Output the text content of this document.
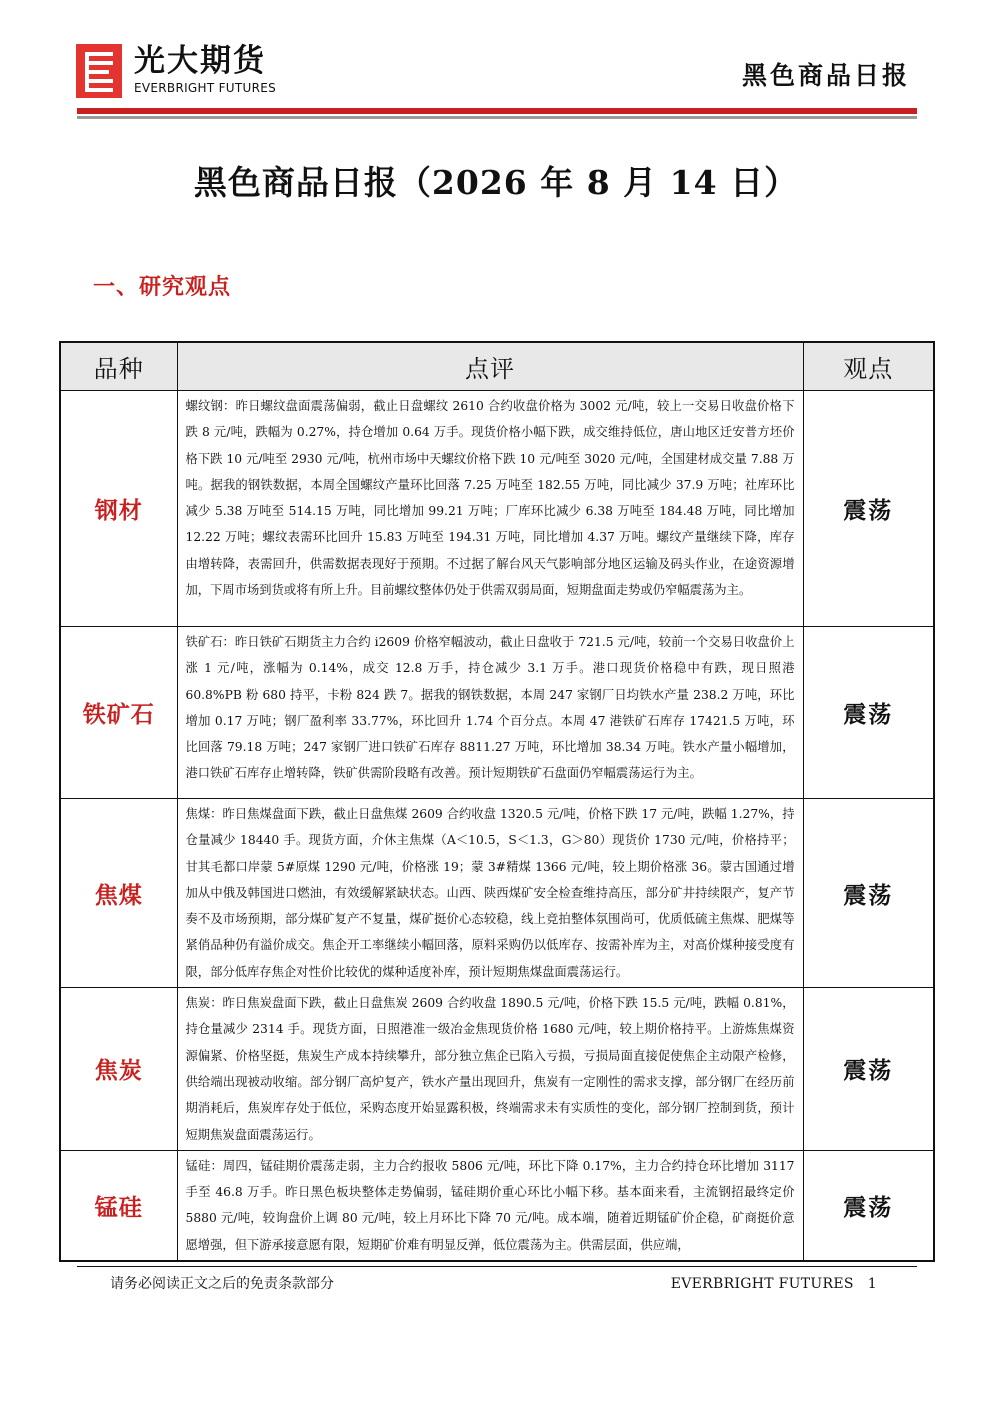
光大期货
EVERBRIGHT FUTURES	黑色商品日报
黑色商品日报（2026 年 8 月 14 日）
一、研究观点
品种	点评	观点
钢材	螺纹钢：昨日螺纹盘面震荡偏弱，截止日盘螺纹 2610 合约收盘价格为 3002 元/吨，较上一交易日收盘价格下跌 8 元/吨，跌幅为 0.27%，持仓增加 0.64 万手。现货价格小幅下跌，成交维持低位，唐山地区迁安普方坯价格下跌 10 元/吨至 2930 元/吨，杭州市场中天螺纹价格下跌 10 元/吨至 3020 元/吨，全国建材成交量 7.88 万吨。据我的钢铁数据，本周全国螺纹产量环比回落 7.25 万吨至 182.55 万吨，同比减少 37.9 万吨；社库环比减少 5.38 万吨至 514.15 万吨，同比增加 99.21 万吨；厂库环比减少 6.38 万吨至 184.48 万吨，同比增加 12.22 万吨；螺纹表需环比回升 15.83 万吨至 194.31 万吨，同比增加 4.37 万吨。螺纹产量继续下降，库存由增转降，表需回升，供需数据表现好于预期。不过据了解台风天气影响部分地区运输及码头作业，在途资源增加，下周市场到货或将有所上升。目前螺纹整体仍处于供需双弱局面，短期盘面走势或仍窄幅震荡为主。	震荡
铁矿石	铁矿石：昨日铁矿石期货主力合约 i2609 价格窄幅波动，截止日盘收于 721.5 元/吨，较前一个交易日收盘价上涨 1 元/吨，涨幅为 0.14%，成交 12.8 万手，持仓减少 3.1 万手。港口现货价格稳中有跌，现日照港 60.8%PB 粉 680 持平，卡粉 824 跌 7。据我的钢铁数据，本周 247 家钢厂日均铁水产量 238.2 万吨，环比增加 0.17 万吨；钢厂盈利率 33.77%，环比回升 1.74 个百分点。本周 47 港铁矿石库存 17421.5 万吨，环比回落 79.18 万吨；247 家钢厂进口铁矿石库存 8811.27 万吨，环比增加 38.34 万吨。铁水产量小幅增加，港口铁矿石库存止增转降，铁矿供需阶段略有改善。预计短期铁矿石盘面仍窄幅震荡运行为主。	震荡
焦煤	焦煤：昨日焦煤盘面下跌，截止日盘焦煤 2609 合约收盘 1320.5 元/吨，价格下跌 17 元/吨，跌幅 1.27%，持仓量减少 18440 手。现货方面，介休主焦煤（A＜10.5，S＜1.3，G＞80）现货价 1730 元/吨，价格持平；甘其毛都口岸蒙 5#原煤 1290 元/吨，价格涨 19；蒙 3#精煤 1366 元/吨，较上期价格涨 36。蒙古国通过增加从中俄及韩国进口燃油，有效缓解紧缺状态。山西、陕西煤矿安全检查维持高压，部分矿井持续限产，复产节奏不及市场预期，部分煤矿复产不复量，煤矿挺价心态较稳，线上竞拍整体氛围尚可，优质低硫主焦煤、肥煤等紧俏品种仍有溢价成交。焦企开工率继续小幅回落，原料采购仍以低库存、按需补库为主，对高价煤种接受度有限，部分低库存焦企对性价比较优的煤种适度补库，预计短期焦煤盘面震荡运行。	震荡
焦炭	焦炭：昨日焦炭盘面下跌，截止日盘焦炭 2609 合约收盘 1890.5 元/吨，价格下跌 15.5 元/吨，跌幅 0.81%，持仓量减少 2314 手。现货方面，日照港准一级冶金焦现货价格 1680 元/吨，较上期价格持平。上游炼焦煤资源偏紧、价格坚挺，焦炭生产成本持续攀升，部分独立焦企已陷入亏损，亏损局面直接促使焦企主动限产检修，供给端出现被动收缩。部分钢厂高炉复产，铁水产量出现回升，焦炭有一定刚性的需求支撑，部分钢厂在经历前期消耗后，焦炭库存处于低位，采购态度开始显露积极，终端需求未有实质性的变化，部分钢厂控制到货，预计短期焦炭盘面震荡运行。	震荡
锰硅	锰硅：周四，锰硅期价震荡走弱，主力合约报收 5806 元/吨，环比下降 0.17%，主力合约持仓环比增加 3117 手至 46.8 万手。昨日黑色板块整体走势偏弱，锰硅期价重心环比小幅下移。基本面来看，主流钢招最终定价 5880 元/吨，较询盘价上调 80 元/吨，较上月环比下降 70 元/吨。成本端，随着近期锰矿价企稳，矿商挺价意愿增强，但下游承接意愿有限，短期矿价难有明显反弹，低位震荡为主。供需层面，供应端，	震荡
请务必阅读正文之后的免责条款部分	EVERBRIGHT FUTURES 1
